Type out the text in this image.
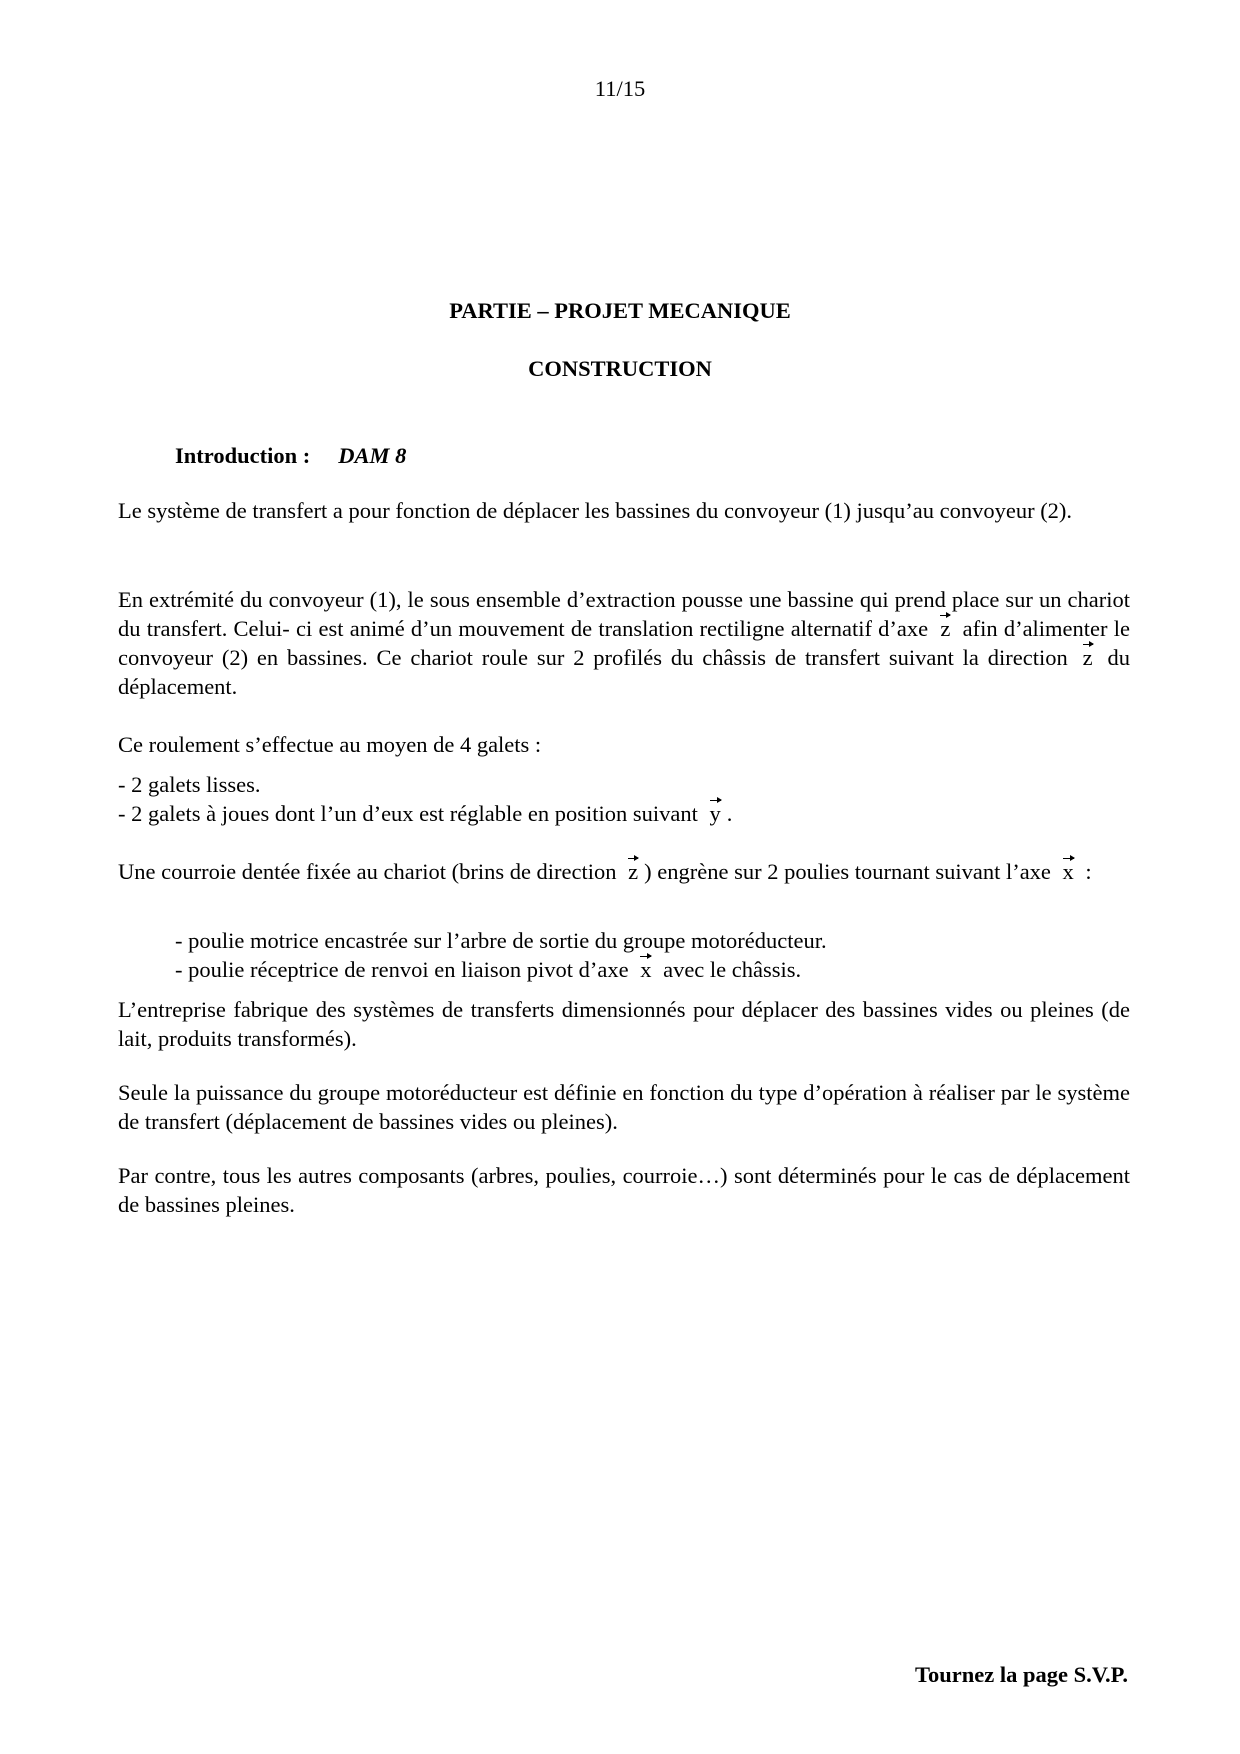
11/15
PARTIE – PROJET MECANIQUE
CONSTRUCTION
Introduction : DAM 8
Le système de transfert a pour fonction de déplacer les bassines du convoyeur (1) jusqu’au convoyeur (2).
En extrémité du convoyeur (1), le sous ensemble d’extraction pousse une bassine qui prend place sur un chariot du transfert. Celui- ci est animé d’un mouvement de translation rectiligne alternatif d’axe z afin d’alimenter le convoyeur (2) en bassines. Ce chariot roule sur 2 profilés du châssis de transfert suivant la direction z du déplacement.
Ce roulement s’effectue au moyen de 4 galets :
- 2 galets lisses.
- 2 galets à joues dont l’un d’eux est réglable en position suivant y .
Une courroie dentée fixée au chariot (brins de direction z ) engrène sur 2 poulies tournant suivant l’axe x :
- poulie motrice encastrée sur l’arbre de sortie du groupe motoréducteur.
- poulie réceptrice de renvoi en liaison pivot d’axe x avec le châssis.
L’entreprise fabrique des systèmes de transferts dimensionnés pour déplacer des bassines vides ou pleines (de lait, produits transformés).
Seule la puissance du groupe motoréducteur est définie en fonction du type d’opération à réaliser par le système de transfert (déplacement de bassines vides ou pleines).
Par contre, tous les autres composants (arbres, poulies, courroie…) sont déterminés pour le cas de déplacement de bassines pleines.
Tournez la page S.V.P.
